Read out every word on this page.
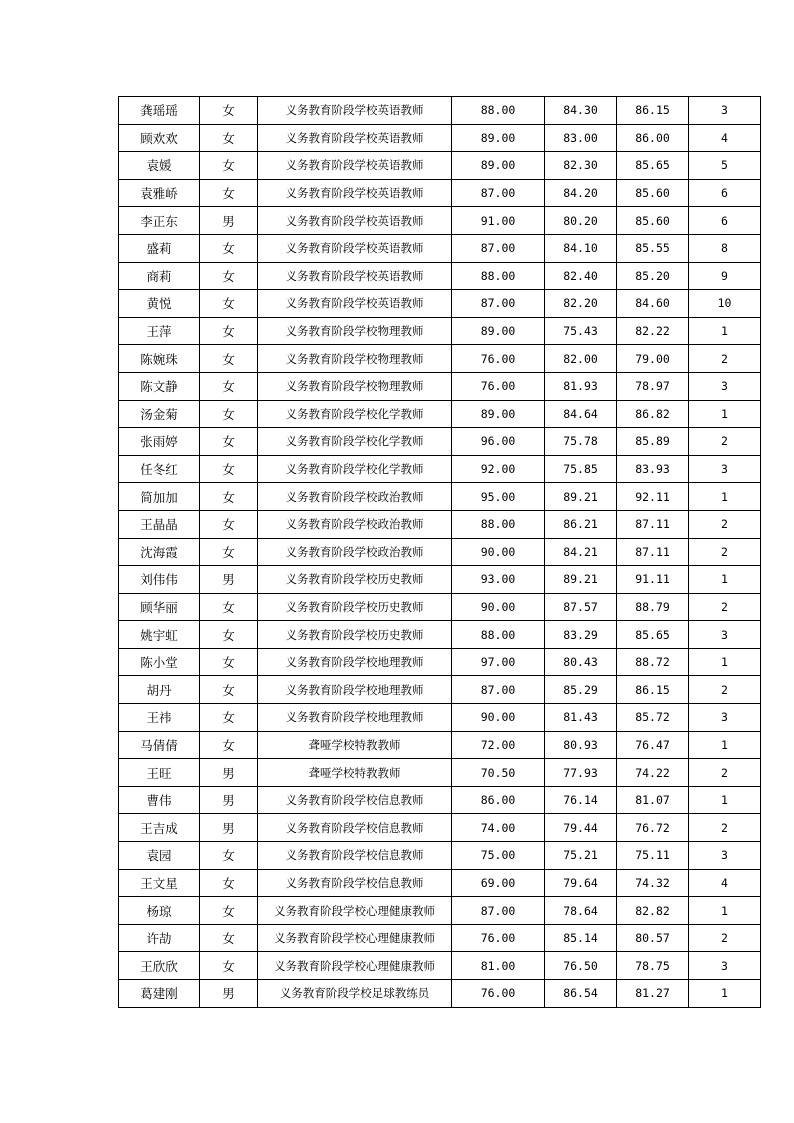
龚瑶瑶	女	义务教育阶段学校英语教师	88.00	84.30	86.15	3
顾欢欢	女	义务教育阶段学校英语教师	89.00	83.00	86.00	4
袁媛	女	义务教育阶段学校英语教师	89.00	82.30	85.65	5
袁雅峤	女	义务教育阶段学校英语教师	87.00	84.20	85.60	6
李正东	男	义务教育阶段学校英语教师	91.00	80.20	85.60	6
盛莉	女	义务教育阶段学校英语教师	87.00	84.10	85.55	8
商莉	女	义务教育阶段学校英语教师	88.00	82.40	85.20	9
黄悦	女	义务教育阶段学校英语教师	87.00	82.20	84.60	10
王萍	女	义务教育阶段学校物理教师	89.00	75.43	82.22	1
陈婉珠	女	义务教育阶段学校物理教师	76.00	82.00	79.00	2
陈文静	女	义务教育阶段学校物理教师	76.00	81.93	78.97	3
汤金菊	女	义务教育阶段学校化学教师	89.00	84.64	86.82	1
张雨婷	女	义务教育阶段学校化学教师	96.00	75.78	85.89	2
任冬红	女	义务教育阶段学校化学教师	92.00	75.85	83.93	3
简加加	女	义务教育阶段学校政治教师	95.00	89.21	92.11	1
王晶晶	女	义务教育阶段学校政治教师	88.00	86.21	87.11	2
沈海霞	女	义务教育阶段学校政治教师	90.00	84.21	87.11	2
刘伟伟	男	义务教育阶段学校历史教师	93.00	89.21	91.11	1
顾华丽	女	义务教育阶段学校历史教师	90.00	87.57	88.79	2
姚宇虹	女	义务教育阶段学校历史教师	88.00	83.29	85.65	3
陈小堂	女	义务教育阶段学校地理教师	97.00	80.43	88.72	1
胡丹	女	义务教育阶段学校地理教师	87.00	85.29	86.15	2
王祎	女	义务教育阶段学校地理教师	90.00	81.43	85.72	3
马倩倩	女	聋哑学校特教教师	72.00	80.93	76.47	1
王旺	男	聋哑学校特教教师	70.50	77.93	74.22	2
曹伟	男	义务教育阶段学校信息教师	86.00	76.14	81.07	1
王吉成	男	义务教育阶段学校信息教师	74.00	79.44	76.72	2
袁园	女	义务教育阶段学校信息教师	75.00	75.21	75.11	3
王文星	女	义务教育阶段学校信息教师	69.00	79.64	74.32	4
杨琼	女	义务教育阶段学校心理健康教师	87.00	78.64	82.82	1
许劼	女	义务教育阶段学校心理健康教师	76.00	85.14	80.57	2
王欣欣	女	义务教育阶段学校心理健康教师	81.00	76.50	78.75	3
葛建刚	男	义务教育阶段学校足球教练员	76.00	86.54	81.27	1
